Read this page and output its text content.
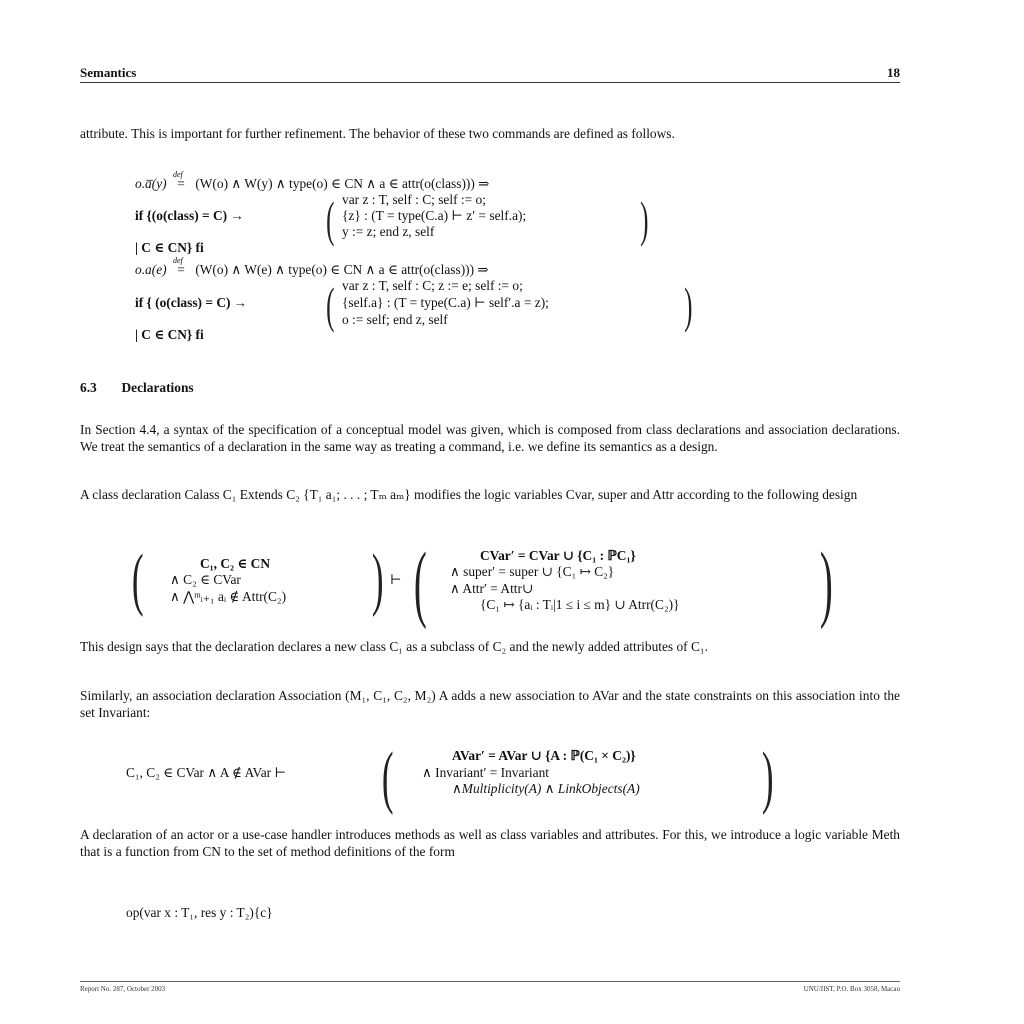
Semantics	18
attribute. This is important for further refinement. The behavior of these two commands are defined as follows.
o.a̅(y)
def
= (W(o) ∧ W(y) ∧ type(o) ∈ CN ∧ a ∈ attr(o(class))) ⇒
if {(o(class) = C) → ( var z : T, self : C; self := o;
{z} : (T = type(C.a) ⊢ z′ = self.a);
y := z; end z, self	)
| C ∈ CN} fi
o.a(e)
def
= (W(o) ∧ W(e) ∧ type(o) ∈ CN ∧ a ∈ attr(o(class))) ⇒
if { (o(class) = C) → ( var z : T, self : C; z := e; self := o;
{self.a} : (T = type(C.a) ⊢ self′.a = z);
o := self; end z, self	)
| C ∈ CN} fi
6.3 Declarations
In Section 4.4, a syntax of the specification of a conceptual model was given, which is composed from class declarations and association declarations. We treat the semantics of a declaration in the same way as treating a command, i.e. we define its semantics as a design.
A class declaration Calass C₁ Extends C₂ {T₁ a₁; . . . ; Tₘ aₘ} modifies the logic variables Cvar, super and Attr according to the following design
(	C₁, C₂ ∈ CN
∧ C₂ ∈ CVar
∧ ⋀ᵐᵢ₊₁ aᵢ ∉ Attr(C₂) ) ⊢ (	CVar′ = CVar ∪ {C₁ : ℙC₁}
∧ super′ = super ∪ {C₁ ↦ C₂}
∧ Attr′ = Attr∪
{C₁ ↦ {aᵢ : Tᵢ|1 ≤ i ≤ m} ∪ Atrr(C₂)} )
This design says that the declaration declares a new class C₁ as a subclass of C₂ and the newly added attributes of C₁.
Similarly, an association declaration Association (M₁, C₁, C₂, M₂) A adds a new association to AVar and the state constraints on this association into the set Invariant:
C₁, C₂ ∈ CVar ∧ A ∉ AVar ⊢ (	AVar′ = AVar ∪ {A : ℙ(C₁ × C₂)}
∧ Invariant′ = Invariant
∧Multiplicity(A) ∧ LinkObjects(A) )
A declaration of an actor or a use-case handler introduces methods as well as class variables and attributes. For this, we introduce a logic variable Meth that is a function from CN to the set of method definitions of the form
op(var x : T₁, res y : T₂){c}
Report No. 287, October 2003	UNU/IIST, P.O. Box 3058, Macau
